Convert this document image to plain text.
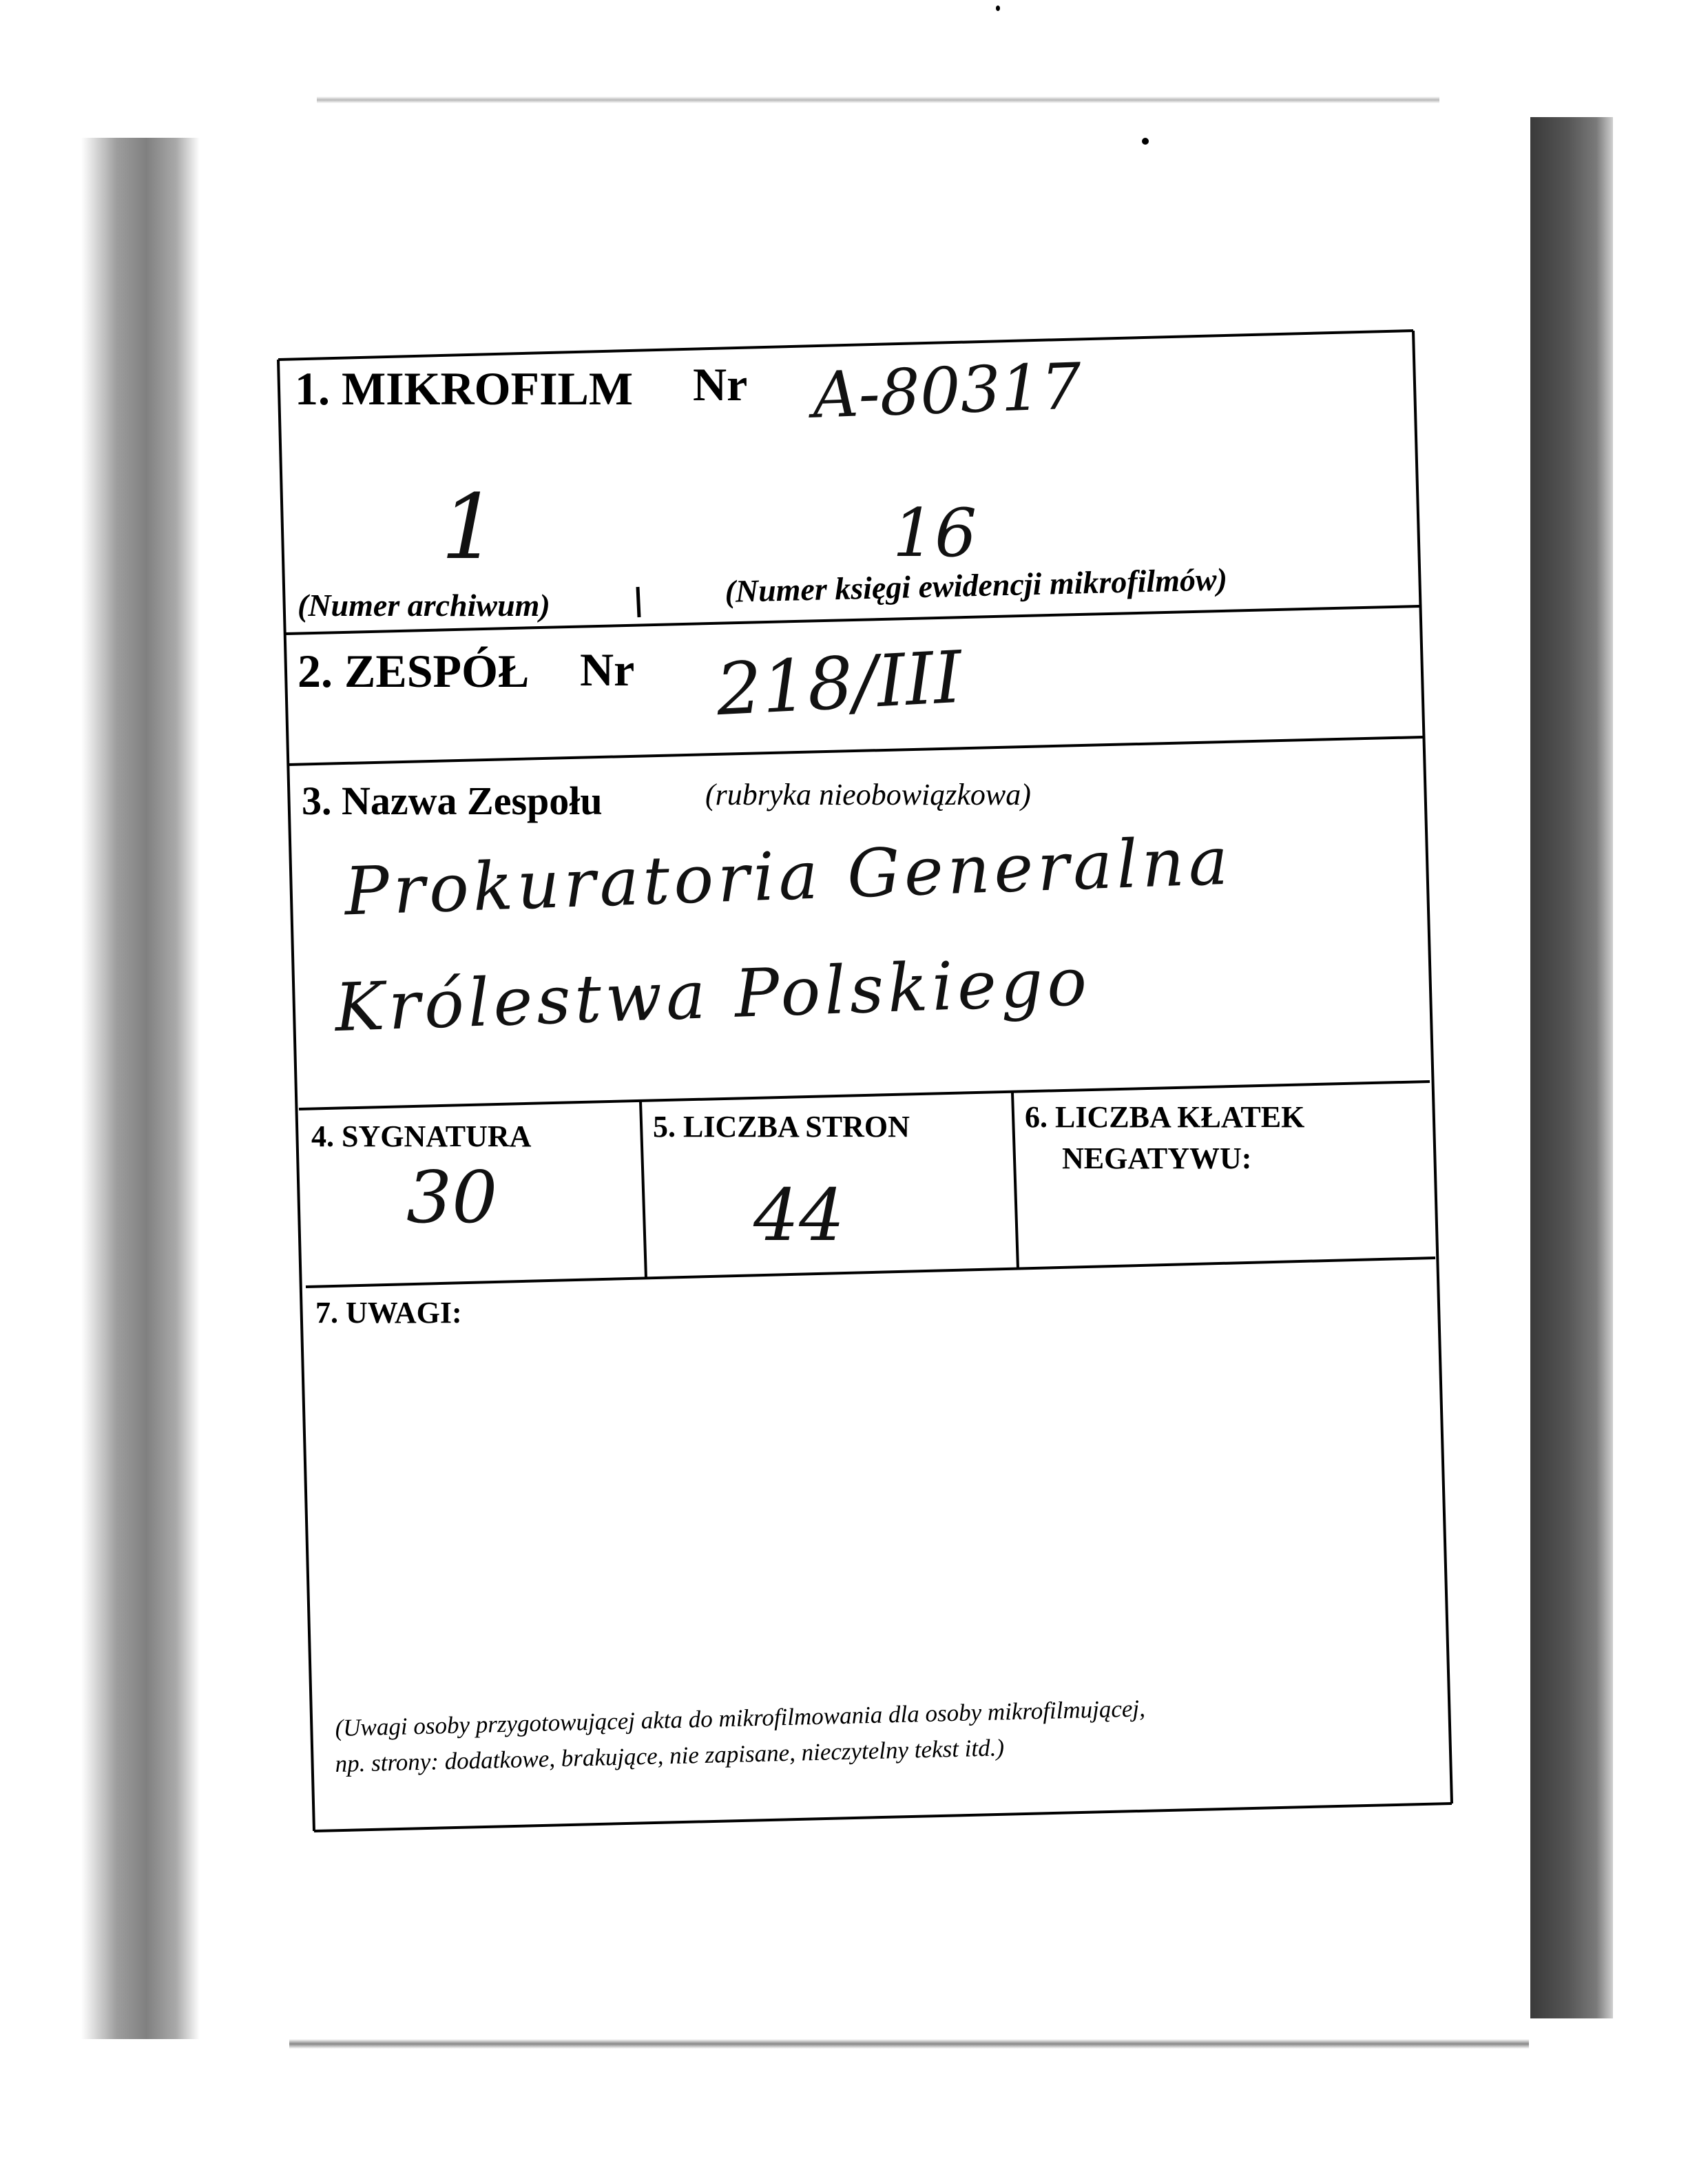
1. MIKROFILM Nr A-80317
1	16
(Numer archiwum)	(Numer księgi ewidencji mikrofilmów)
2. ZESPÓŁ Nr 218/III
3. Nazwa Zespołu	(rubryka nieobowiązkowa)
Prokuratoria Generalna
Królestwa Polskiego
4. SYGNATURA
30
5. LICZBA STRON
44
6. LICZBA KŁATEK
NEGATYWU:
7. UWAGI:
(Uwagi osoby przygotowującej akta do mikrofilmowania dla osoby mikrofilmującej,
np. strony: dodatkowe, brakujące, nie zapisane, nieczytelny tekst itd.)
